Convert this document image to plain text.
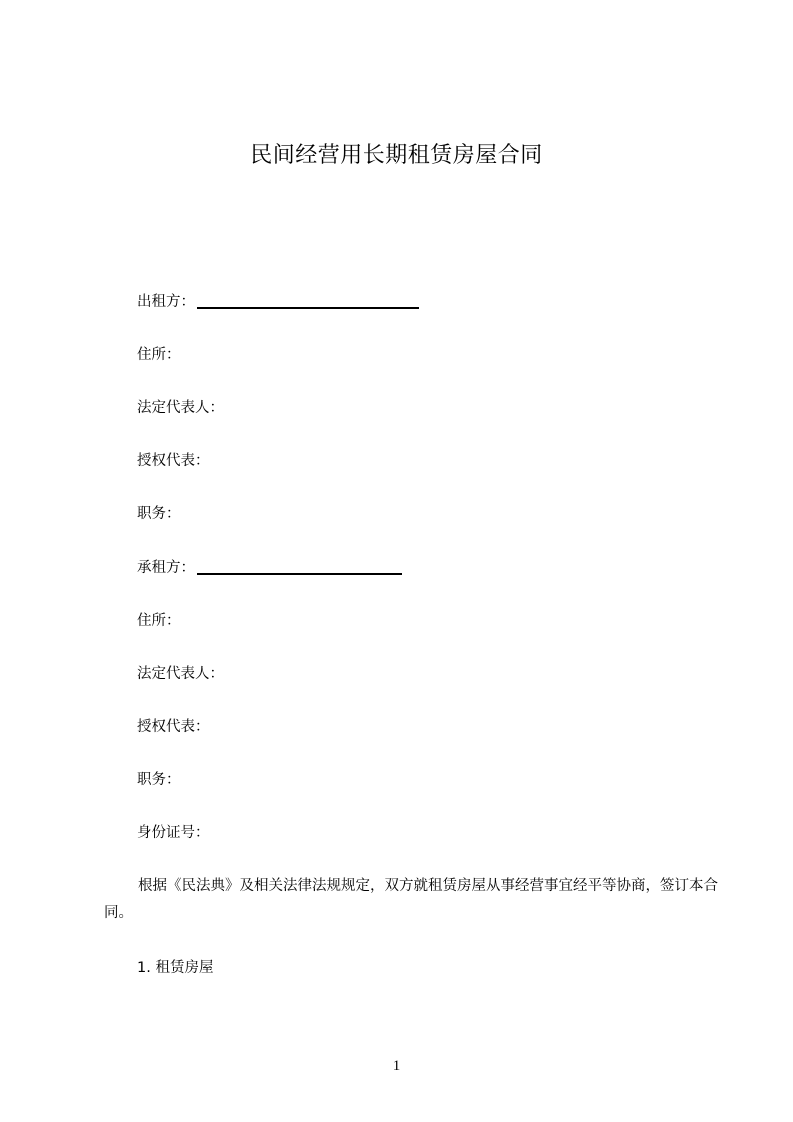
民间经营用长期租赁房屋合同
出租方：
住所：
法定代表人：
授权代表：
职务：
承租方：
住所：
法定代表人：
授权代表：
职务：
身份证号：
根据《民法典》及相关法律法规规定，双方就租赁房屋从事经营事宜经平等协商，签订本合同。
1. 租赁房屋
1
